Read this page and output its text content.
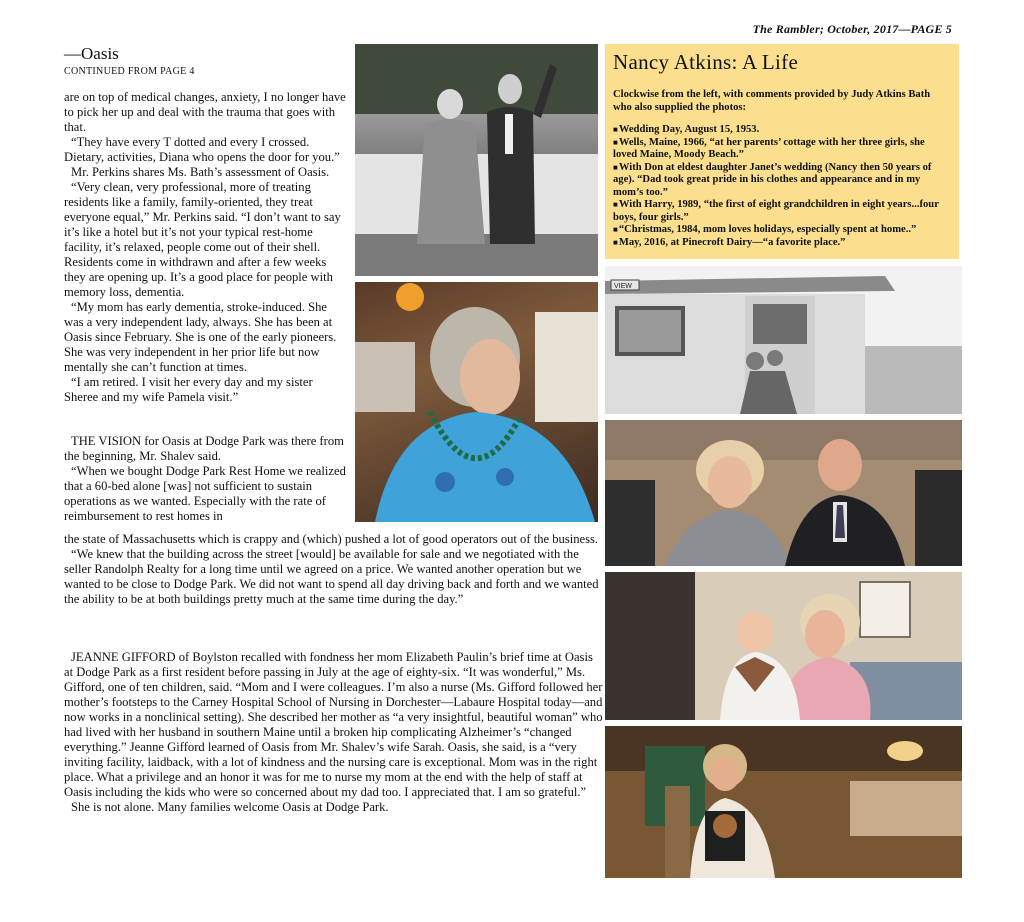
The Rambler; October, 2017—PAGE 5
—Oasis
CONTINUED FROM PAGE 4

are on top of medical changes, anxiety, I no longer have to pick her up and deal with the trauma that goes with that.

“They have every T dotted and every I crossed. Dietary, activities, Diana who opens the door for you.”

Mr. Perkins shares Ms. Bath’s assessment of Oasis.

“Very clean, very professional, more of treating residents like a family, family-oriented, they treat everyone equal,” Mr. Perkins said. “I don’t want to say it’s like a hotel but it’s not your typical rest-home facility, it’s relaxed, people come out of their shell. Residents come in withdrawn and after a few weeks they are opening up. It’s a good place for people with memory loss, dementia.

“My mom has early dementia, stroke-induced. She was a very independent lady, always. She has been at Oasis since February. She is one of the early pioneers. She was very independent in her prior life but now mentally she can’t function at times.

“I am retired. I visit her every day and my sister Sheree and my wife Pamela visit.”

THE VISION for Oasis at Dodge Park was there from the beginning, Mr. Shalev said.

“When we bought Dodge Park Rest Home we realized that a 60-bed alone [was] not sufficient to sustain operations as we wanted. Especially with the rate of reimbursement to rest homes in

the state of Massachusetts which is crappy and (which) pushed a lot of good operators out of the business.

“We knew that the building across the street [would] be available for sale and we negotiated with the seller Randolph Realty for a long time until we agreed on a price. We wanted another operation but we wanted to be close to Dodge Park. We did not want to spend all day driving back and forth and we wanted the ability to be at both buildings pretty much at the same time during the day.”

JEANNE GIFFORD of Boylston recalled with fondness her mom Elizabeth Paulin’s brief time at Oasis at Dodge Park as a first resident before passing in July at the age of eighty-six. “It was wonderful,” Ms. Gifford, one of ten children, said. “Mom and I were colleagues. I’m also a nurse (Ms. Gifford followed her mother’s footsteps to the Carney Hospital School of Nursing in Dorchester—Labaure Hospital today—and now works in a nonclinical setting). She described her mother as “a very insightful, beautiful woman” who had lived with her husband in southern Maine until a broken hip complicating Alzheimer’s “changed everything.” Jeanne Gifford learned of Oasis from Mr. Shalev’s wife Sarah. Oasis, she said, is a “very inviting facility, laidback, with a lot of kindness and the nursing care is exceptional. Mom was in the right place. What a privilege and an honor it was for me to nurse my mom at the end with the help of staff at Oasis including the kids who were so concerned about my dad too. I appreciated that. I am so grateful.”

She is not alone. Many families welcome Oasis at Dodge Park.

Nancy Atkins: A Life
Clockwise from the left, with comments provided by Judy Atkins Bath who also supplied the photos:
■ Wedding Day, August 15, 1953.
■ Wells, Maine, 1966, “at her parents’ cottage with her three girls, she loved Maine, Moody Beach.”
■ With Don at eldest daughter Janet’s wedding (Nancy then 50 years of age). “Dad took great pride in his clothes and appearance and in my mom’s too.”
■ With Harry, 1989, “the first of eight grandchildren in eight years...four boys, four girls.”
■ “Christmas, 1984, mom loves holidays, especially spent at home..”
■ May, 2016, at Pinecroft Dairy—“a favorite place.”
VIEW
